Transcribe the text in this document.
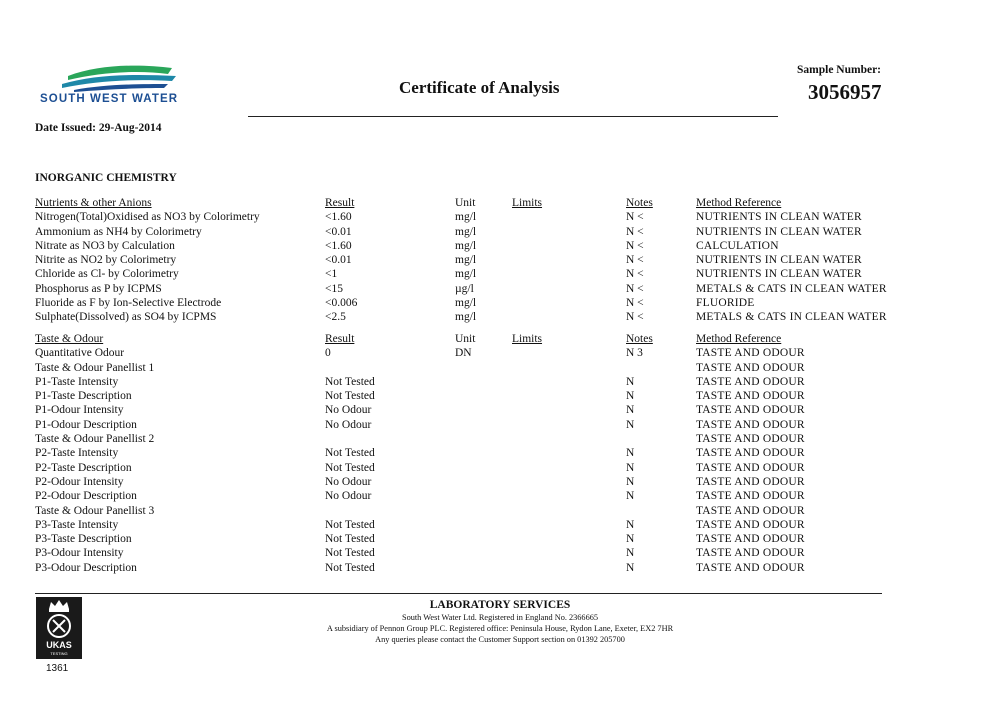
SOUTH WEST WATER
Certificate of Analysis
Sample Number:
3056957
Date Issued: 29-Aug-2014
INORGANIC CHEMISTRY
Nutrients & other Anions	Result	Unit	Limits	Notes	Method Reference
Nitrogen(Total)Oxidised as NO3 by Colorimetry	<1.60	mg/l		N <	NUTRIENTS IN CLEAN WATER
Ammonium as NH4 by Colorimetry	<0.01	mg/l		N <	NUTRIENTS IN CLEAN WATER
Nitrate as NO3 by Calculation	<1.60	mg/l		N <	CALCULATION
Nitrite as NO2 by Colorimetry	<0.01	mg/l		N <	NUTRIENTS IN CLEAN WATER
Chloride as Cl- by Colorimetry	<1	mg/l		N <	NUTRIENTS IN CLEAN WATER
Phosphorus as P by ICPMS	<15	µg/l		N <	METALS & CATS IN CLEAN WATER
Fluoride as F by Ion-Selective Electrode	<0.006	mg/l		N <	FLUORIDE
Sulphate(Dissolved) as SO4 by ICPMS	<2.5	mg/l		N <	METALS & CATS IN CLEAN WATER
Taste & Odour	Result	Unit	Limits	Notes	Method Reference
Quantitative Odour	0	DN		N 3	TASTE AND ODOUR
Taste & Odour Panellist 1					TASTE AND ODOUR
P1-Taste Intensity	Not Tested			N	TASTE AND ODOUR
P1-Taste Description	Not Tested			N	TASTE AND ODOUR
P1-Odour Intensity	No Odour			N	TASTE AND ODOUR
P1-Odour Description	No Odour			N	TASTE AND ODOUR
Taste & Odour Panellist 2					TASTE AND ODOUR
P2-Taste Intensity	Not Tested			N	TASTE AND ODOUR
P2-Taste Description	Not Tested			N	TASTE AND ODOUR
P2-Odour Intensity	No Odour			N	TASTE AND ODOUR
P2-Odour Description	No Odour			N	TASTE AND ODOUR
Taste & Odour Panellist 3					TASTE AND ODOUR
P3-Taste Intensity	Not Tested			N	TASTE AND ODOUR
P3-Taste Description	Not Tested			N	TASTE AND ODOUR
P3-Odour Intensity	Not Tested			N	TASTE AND ODOUR
P3-Odour Description	Not Tested			N	TASTE AND ODOUR
UKAS
TESTING
1361
LABORATORY SERVICES
South West Water Ltd. Registered in England No. 2366665
A subsidiary of Pennon Group PLC. Registered office: Peninsula House, Rydon Lane, Exeter, EX2 7HR
Any queries please contact the Customer Support section on 01392 205700
